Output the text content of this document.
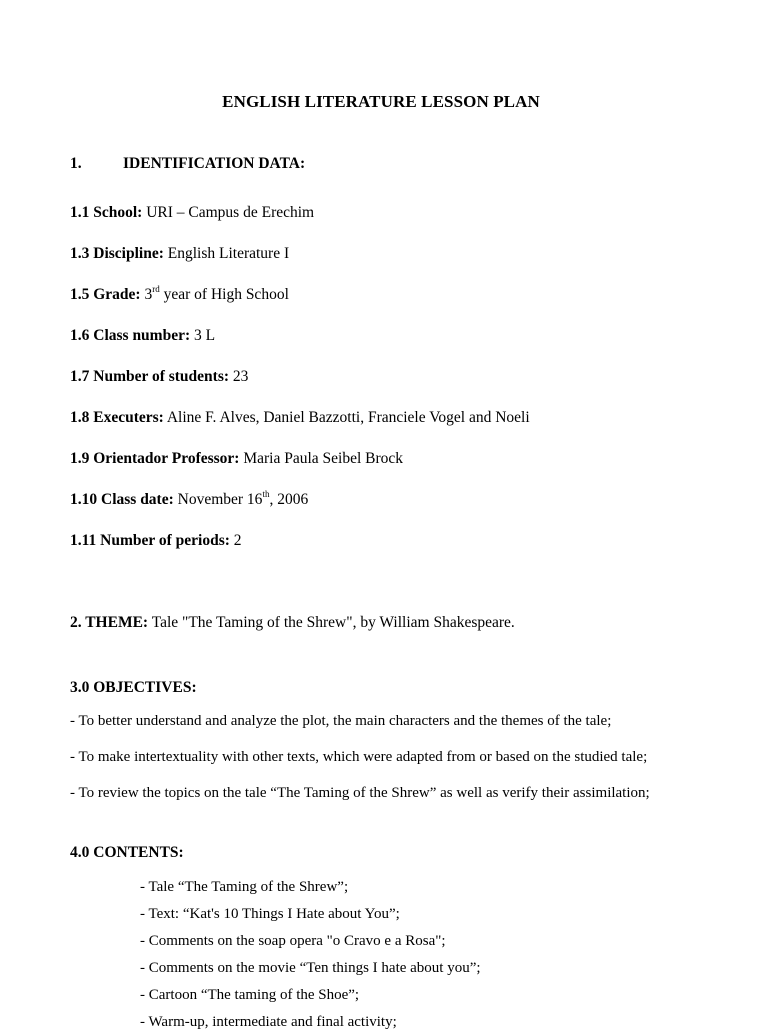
ENGLISH LITERATURE LESSON PLAN
1.	IDENTIFICATION DATA:
1.1 School: URI – Campus de Erechim
1.3 Discipline: English Literature I
1.5 Grade: 3rd year of High School
1.6 Class number: 3 L
1.7 Number of students: 23
1.8 Executers: Aline F. Alves, Daniel Bazzotti, Franciele Vogel and Noeli
1.9 Orientador Professor: Maria Paula Seibel Brock
1.10 Class date: November 16th, 2006
1.11 Number of periods: 2
2. THEME: Tale "The Taming of the Shrew", by William Shakespeare.
3.0 OBJECTIVES:
- To better understand and analyze the plot, the main characters and the themes of the tale;
- To make intertextuality with other texts, which were adapted from or based on the studied tale;
- To review the topics on the tale “The Taming of the Shrew” as well as verify their assimilation;
4.0 CONTENTS:
- Tale “The Taming of the Shrew”;
- Text: “Kat's 10 Things I Hate about You”;
- Comments on the soap opera "o Cravo e a Rosa";
- Comments on the movie “Ten things I hate about you”;
- Cartoon “The taming of the Shoe”;
- Warm-up, intermediate and final activity;
